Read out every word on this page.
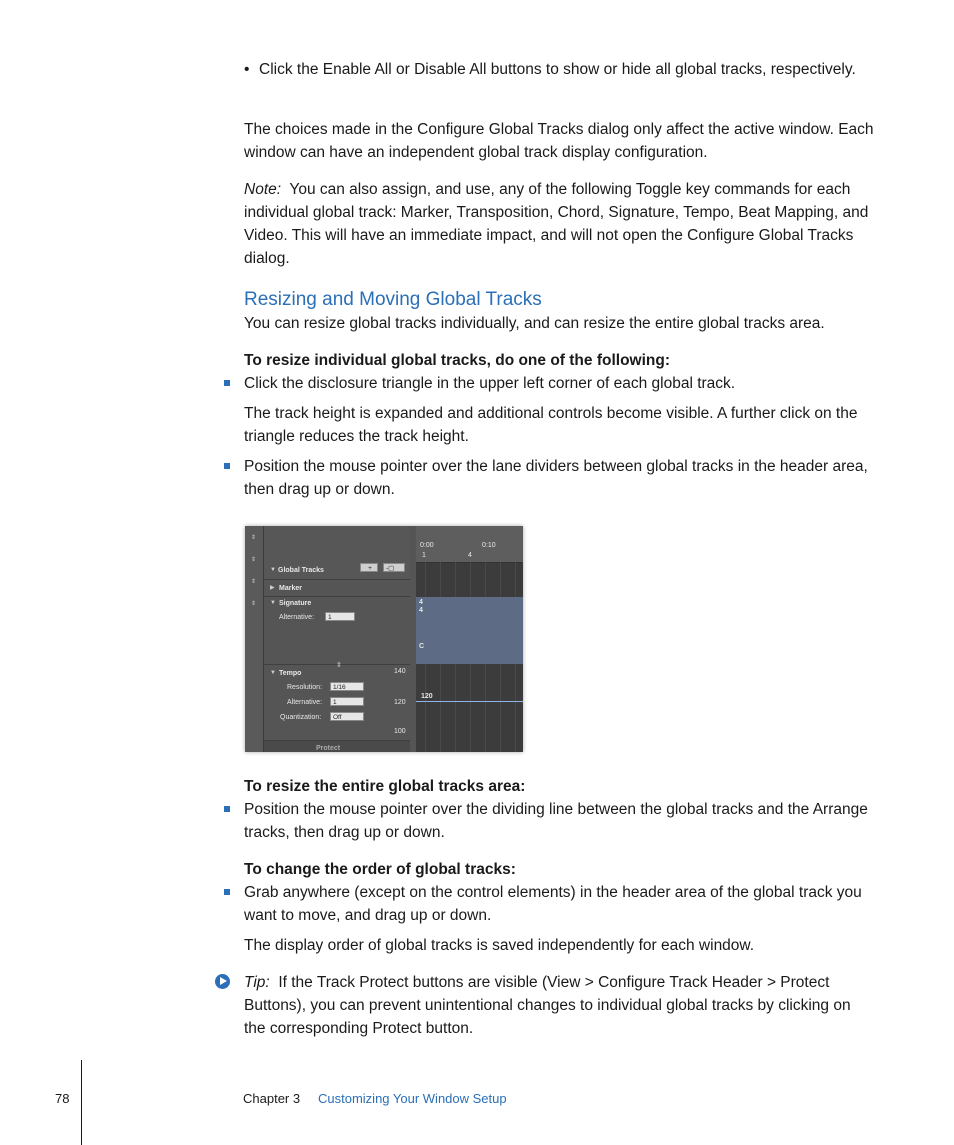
• Click the Enable All or Disable All buttons to show or hide all global tracks, respectively.

The choices made in the Configure Global Tracks dialog only affect the active window. Each window can have an independent global track display configuration.

Note: You can also assign, and use, any of the following Toggle key commands for each individual global track: Marker, Transposition, Chord, Signature, Tempo, Beat Mapping, and Video. This will have an immediate impact, and will not open the Configure Global Tracks dialog.

Resizing and Moving Global Tracks

You can resize global tracks individually, and can resize the entire global tracks area.

To resize individual global tracks, do one of the following:

Click the disclosure triangle in the upper left corner of each global track.

The track height is expanded and additional controls become visible. A further click on the triangle reduces the track height.

Position the mouse pointer over the lane dividers between global tracks in the header area, then drag up or down.

⇕
⇕
⇕
⇕
▼ Global Tracks	+	-▢
▶ Marker
▼ Signature
Alternative:	1
⇳
▼ Tempo	140
Resolution:	1/16
Alternative:	1	120
Quantization:	Off
100
Protect
0:00	0:10
1	4
4
4
C
120

To resize the entire global tracks area:

Position the mouse pointer over the dividing line between the global tracks and the Arrange tracks, then drag up or down.

To change the order of global tracks:

Grab anywhere (except on the control elements) in the header area of the global track you want to move, and drag up or down.

The display order of global tracks is saved independently for each window.

Tip: If the Track Protect buttons are visible (View > Configure Track Header > Protect Buttons), you can prevent unintentional changes to individual global tracks by clicking on the corresponding Protect button.

78	Chapter 3 Customizing Your Window Setup
